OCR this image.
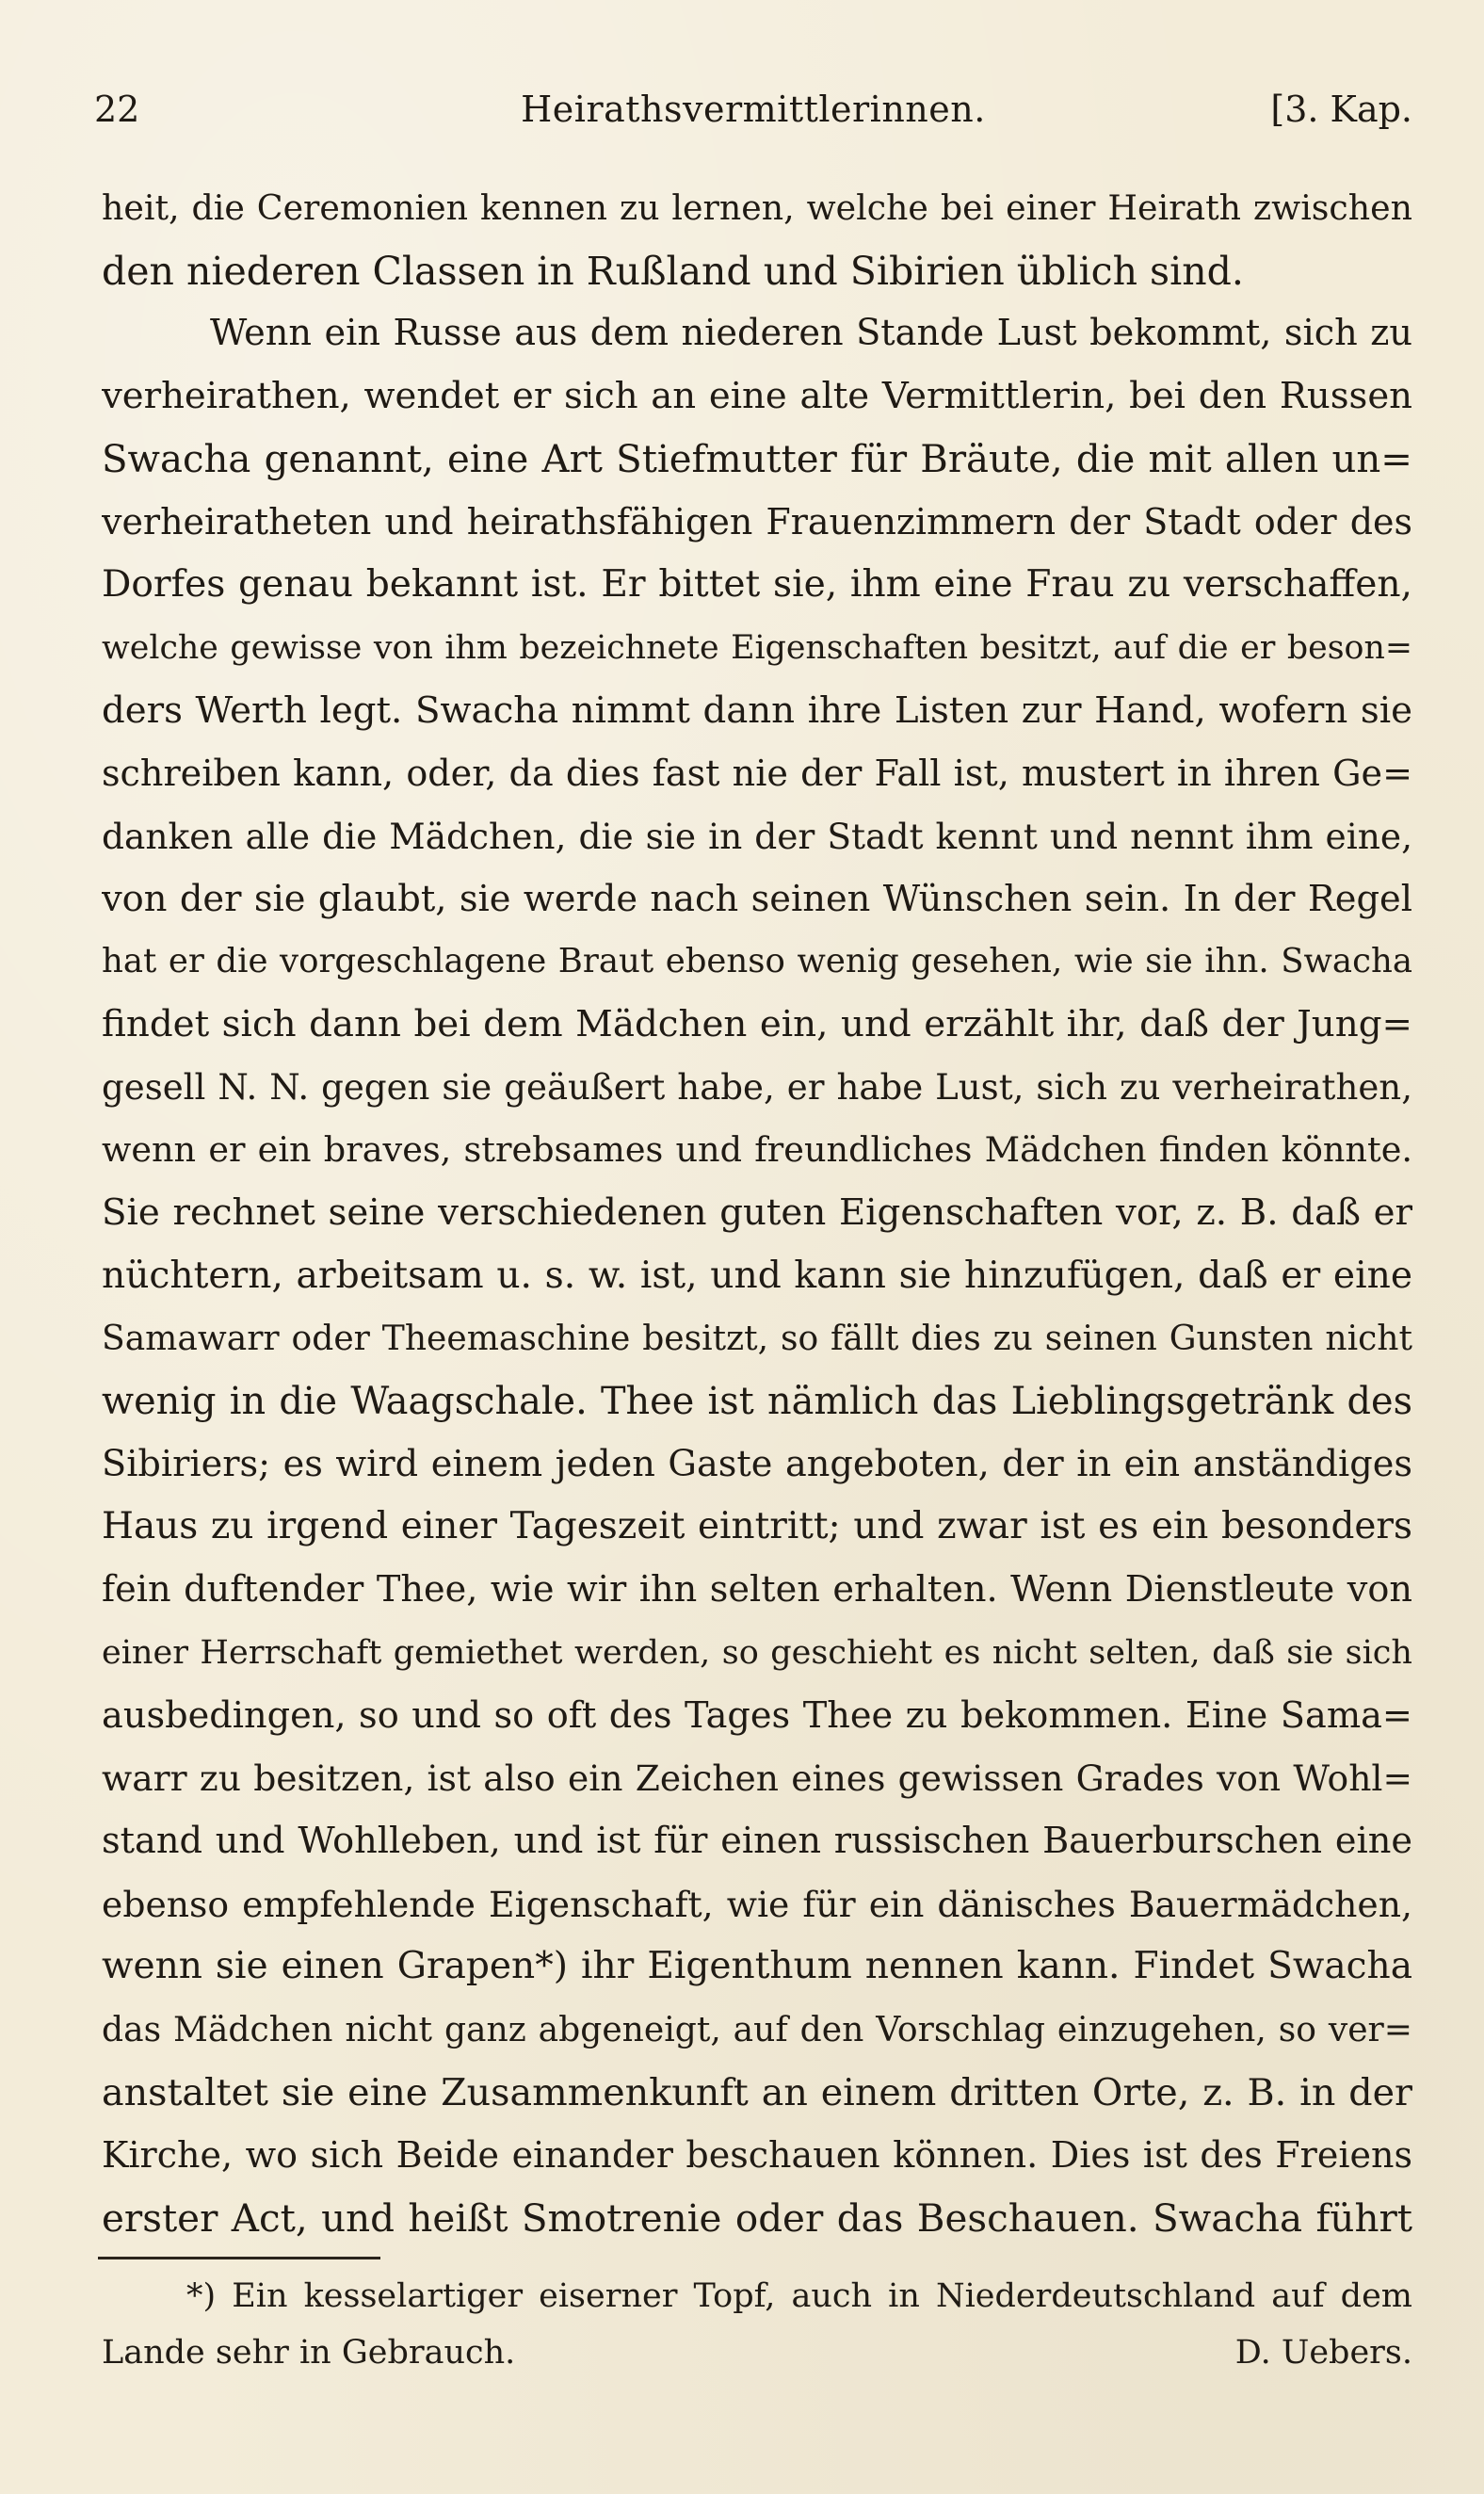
22	Heirathsvermittlerinnen.	[3. Kap.
heit, die Ceremonien kennen zu lernen, welche bei einer Heirath zwischen
den niederen Classen in Rußland und Sibirien üblich sind.
Wenn ein Russe aus dem niederen Stande Lust bekommt, sich zu
verheirathen, wendet er sich an eine alte Vermittlerin, bei den Russen
Swacha genannt, eine Art Stiefmutter für Bräute, die mit allen un=
verheiratheten und heirathsfähigen Frauenzimmern der Stadt oder des
Dorfes genau bekannt ist. Er bittet sie, ihm eine Frau zu verschaffen,
welche gewisse von ihm bezeichnete Eigenschaften besitzt, auf die er beson=
ders Werth legt. Swacha nimmt dann ihre Listen zur Hand, wofern sie
schreiben kann, oder, da dies fast nie der Fall ist, mustert in ihren Ge=
danken alle die Mädchen, die sie in der Stadt kennt und nennt ihm eine,
von der sie glaubt, sie werde nach seinen Wünschen sein. In der Regel
hat er die vorgeschlagene Braut ebenso wenig gesehen, wie sie ihn. Swacha
findet sich dann bei dem Mädchen ein, und erzählt ihr, daß der Jung=
gesell N. N. gegen sie geäußert habe, er habe Lust, sich zu verheirathen,
wenn er ein braves, strebsames und freundliches Mädchen finden könnte.
Sie rechnet seine verschiedenen guten Eigenschaften vor, z. B. daß er
nüchtern, arbeitsam u. s. w. ist, und kann sie hinzufügen, daß er eine
Samawarr oder Theemaschine besitzt, so fällt dies zu seinen Gunsten nicht
wenig in die Waagschale. Thee ist nämlich das Lieblingsgetränk des
Sibiriers; es wird einem jeden Gaste angeboten, der in ein anständiges
Haus zu irgend einer Tageszeit eintritt; und zwar ist es ein besonders
fein duftender Thee, wie wir ihn selten erhalten. Wenn Dienstleute von
einer Herrschaft gemiethet werden, so geschieht es nicht selten, daß sie sich
ausbedingen, so und so oft des Tages Thee zu bekommen. Eine Sama=
warr zu besitzen, ist also ein Zeichen eines gewissen Grades von Wohl=
stand und Wohlleben, und ist für einen russischen Bauerburschen eine
ebenso empfehlende Eigenschaft, wie für ein dänisches Bauermädchen,
wenn sie einen Grapen*) ihr Eigenthum nennen kann. Findet Swacha
das Mädchen nicht ganz abgeneigt, auf den Vorschlag einzugehen, so ver=
anstaltet sie eine Zusammenkunft an einem dritten Orte, z. B. in der
Kirche, wo sich Beide einander beschauen können. Dies ist des Freiens
erster Act, und heißt Smotrenie oder das Beschauen. Swacha führt
*) Ein kesselartiger eiserner Topf, auch in Niederdeutschland auf dem
Lande sehr in Gebrauch.	D. Uebers.
